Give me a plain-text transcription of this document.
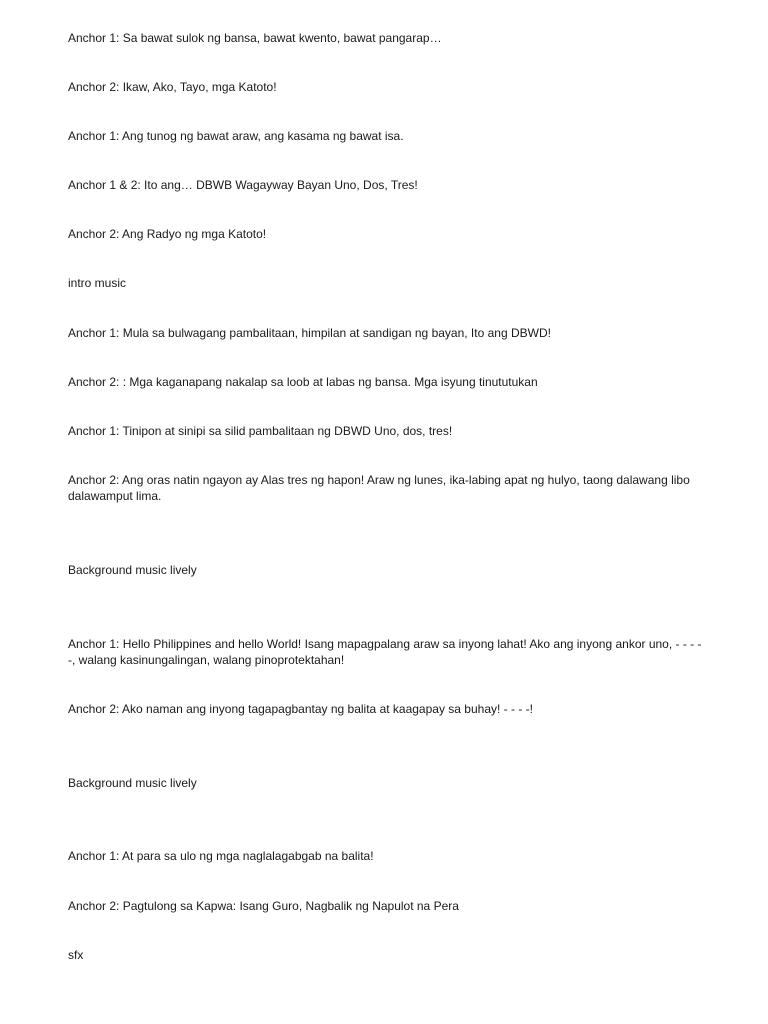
Anchor 1: Sa bawat sulok ng bansa, bawat kwento, bawat pangarap…

Anchor 2: Ikaw, Ako, Tayo, mga Katoto!

Anchor 1: Ang tunog ng bawat araw, ang kasama ng bawat isa.

Anchor 1 & 2: Ito ang… DBWB Wagayway Bayan Uno, Dos, Tres!

Anchor 2: Ang Radyo ng mga Katoto!

intro music

Anchor 1: Mula sa bulwagang pambalitaan, himpilan at sandigan ng bayan, Ito ang DBWD!

Anchor 2: : Mga kaganapang nakalap sa loob at labas ng bansa. Mga isyung tinututukan

Anchor 1: Tinipon at sinipi sa silid pambalitaan ng DBWD Uno, dos, tres!

Anchor 2: Ang oras natin ngayon ay Alas tres ng hapon! Araw ng lunes, ika-labing apat ng hulyo, taong dalawang libo dalawamput lima.

Background music lively

Anchor 1: Hello Philippines and hello World! Isang mapagpalang araw sa inyong lahat! Ako ang inyong ankor uno, - - - - -, walang kasinungalingan, walang pinoprotektahan!

Anchor 2: Ako naman ang inyong tagapagbantay ng balita at kaagapay sa buhay! - - - -!

Background music lively

Anchor 1: At para sa ulo ng mga naglalagabgab na balita!

Anchor 2: Pagtulong sa Kapwa: Isang Guro, Nagbalik ng Napulot na Pera

sfx
